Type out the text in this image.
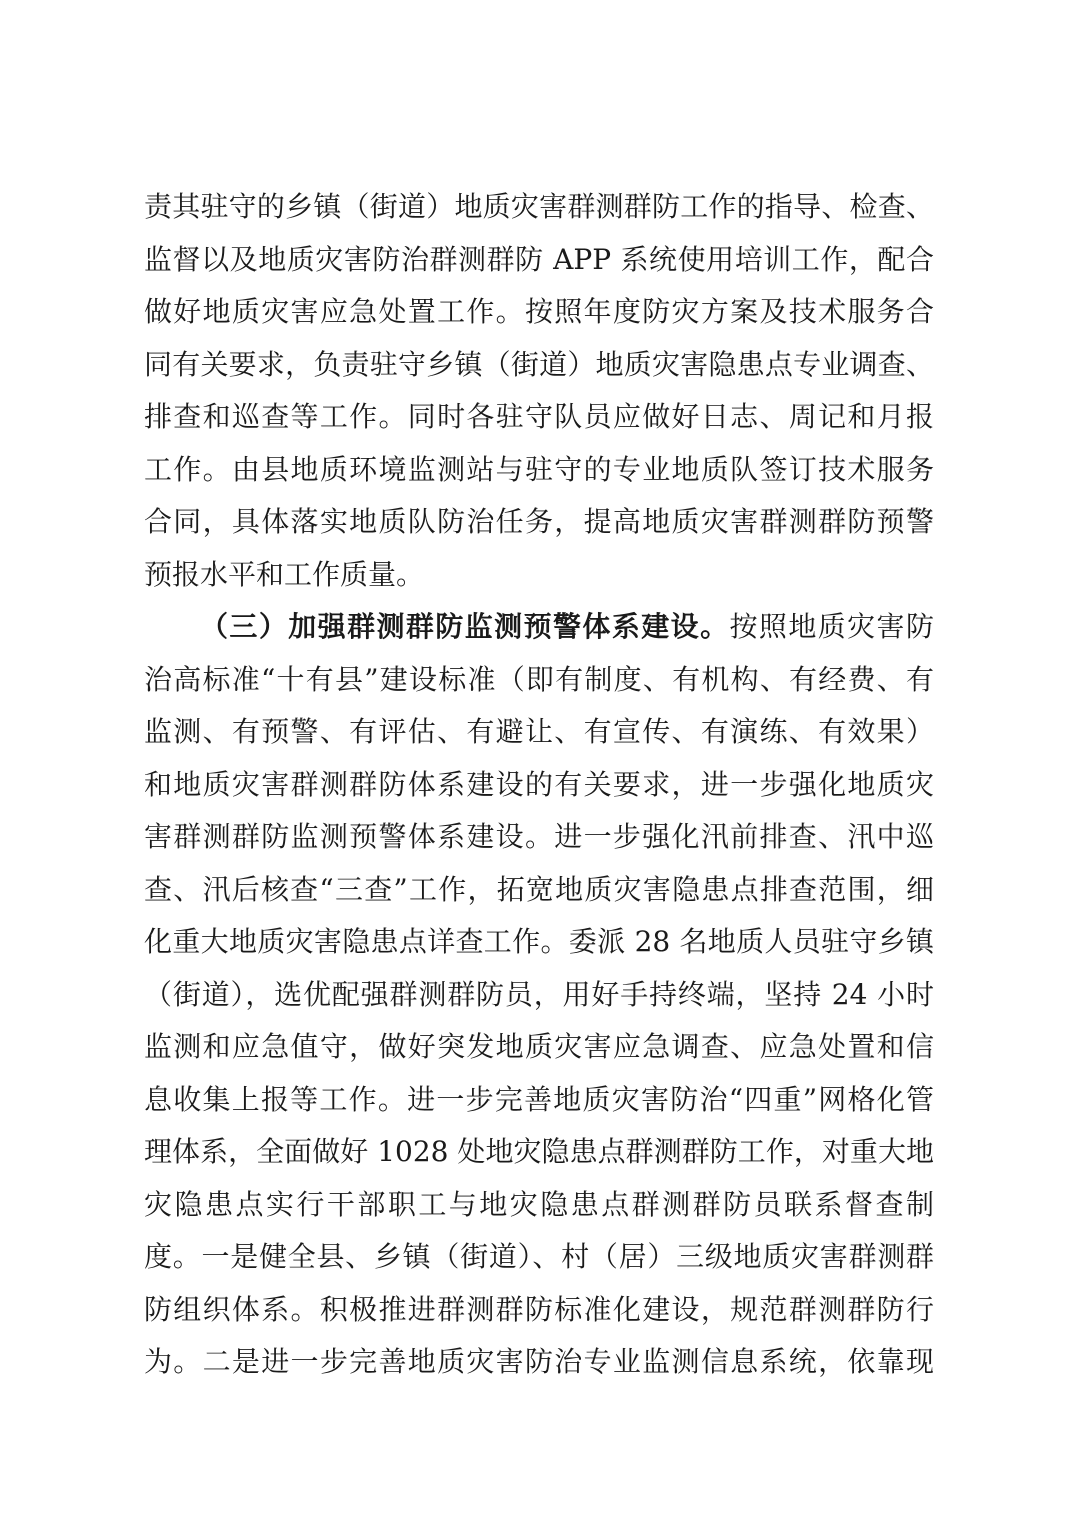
责其驻守的乡镇（街道）地质灾害群测群防工作的指导、检查、
监督以及地质灾害防治群测群防 APP 系统使用培训工作，配合
做好地质灾害应急处置工作。按照年度防灾方案及技术服务合
同有关要求，负责驻守乡镇（街道）地质灾害隐患点专业调查、
排查和巡查等工作。同时各驻守队员应做好日志、周记和月报
工作。由县地质环境监测站与驻守的专业地质队签订技术服务
合同，具体落实地质队防治任务，提高地质灾害群测群防预警
预报水平和工作质量。
（三）加强群测群防监测预警体系建设。按照地质灾害防
治高标准“十有县”建设标准（即有制度、有机构、有经费、有
监测、有预警、有评估、有避让、有宣传、有演练、有效果）
和地质灾害群测群防体系建设的有关要求，进一步强化地质灾
害群测群防监测预警体系建设。进一步强化汛前排查、汛中巡
查、汛后核查“三查”工作，拓宽地质灾害隐患点排查范围，细
化重大地质灾害隐患点详查工作。委派 28 名地质人员驻守乡镇
（街道），选优配强群测群防员，用好手持终端，坚持 24 小时
监测和应急值守，做好突发地质灾害应急调查、应急处置和信
息收集上报等工作。进一步完善地质灾害防治“四重”网格化管
理体系，全面做好 1028 处地灾隐患点群测群防工作，对重大地
灾隐患点实行干部职工与地灾隐患点群测群防员联系督查制
度。一是健全县、乡镇（街道）、村（居）三级地质灾害群测群
防组织体系。积极推进群测群防标准化建设，规范群测群防行
为。二是进一步完善地质灾害防治专业监测信息系统，依靠现
